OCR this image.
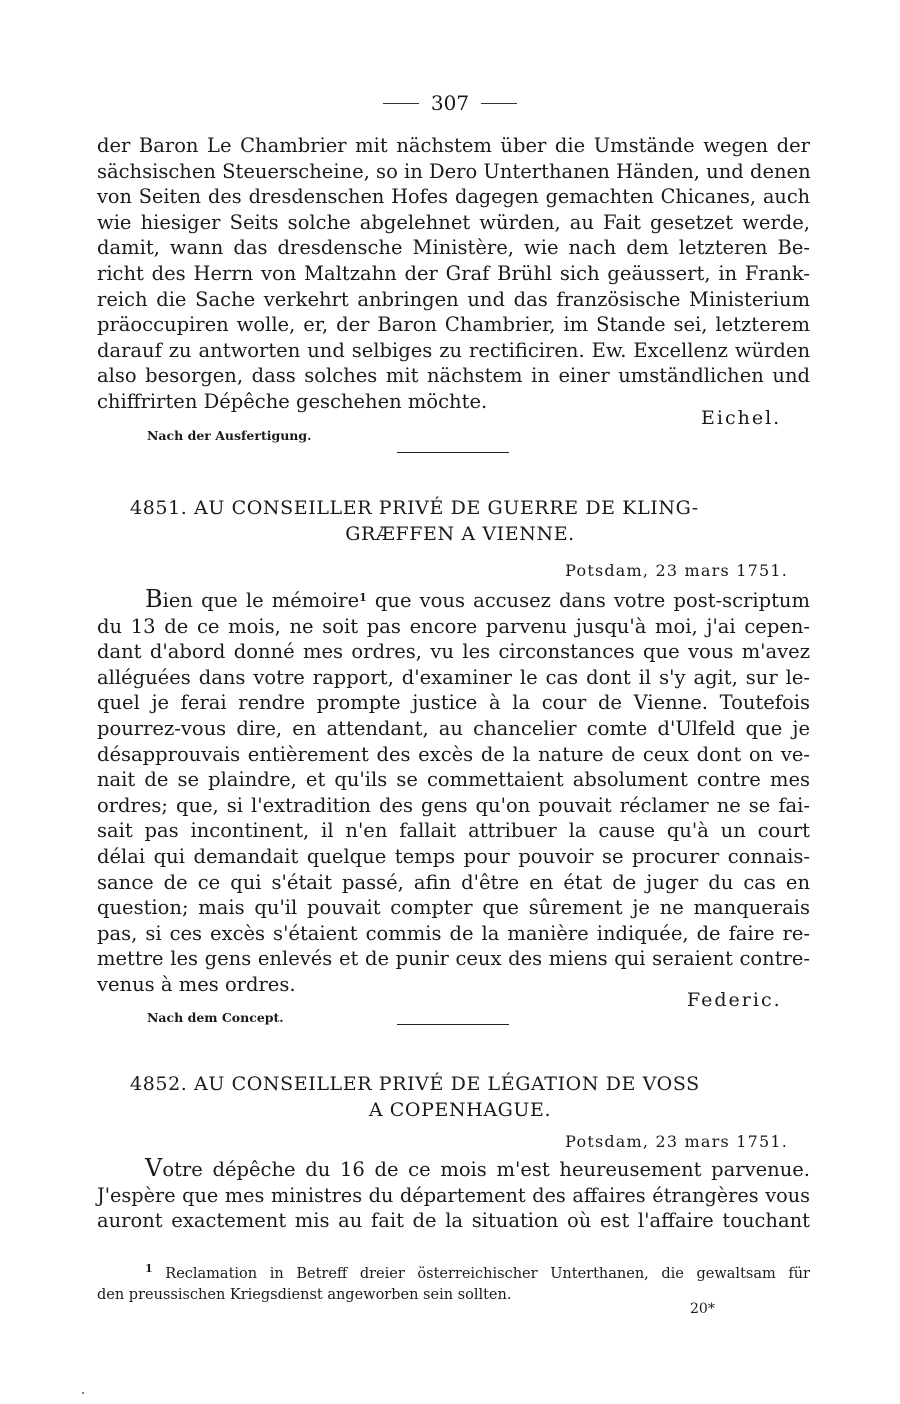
307

der Baron Le Chambrier mit nächstem über die Umstände wegen der
sächsischen Steuerscheine, so in Dero Unterthanen Händen, und denen
von Seiten des dresdenschen Hofes dagegen gemachten Chicanes, auch
wie hiesiger Seits solche abgelehnet würden, au Fait gesetzet werde,
damit, wann das dresdensche Ministère, wie nach dem letzteren Be-
richt des Herrn von Maltzahn der Graf Brühl sich geäussert, in Frank-
reich die Sache verkehrt anbringen und das französische Ministerium
präoccupiren wolle, er, der Baron Chambrier, im Stande sei, letzterem
darauf zu antworten und selbiges zu rectificiren. Ew. Excellenz würden
also besorgen, dass solches mit nächstem in einer umständlichen und
chiffrirten Dépêche geschehen möchte.

Eichel.
Nach der Ausfertigung.
4851. AU CONSEILLER PRIVÉ DE GUERRE DE KLING-
GRÆFFEN A VIENNE.
Potsdam, 23 mars 1751.

Bien que le mémoire$^1$ que vous accusez dans votre post-scriptum
du 13 de ce mois, ne soit pas encore parvenu jusqu'à moi, j'ai cepen-
dant d'abord donné mes ordres, vu les circonstances que vous m'avez
alléguées dans votre rapport, d'examiner le cas dont il s'y agit, sur le-
quel je ferai rendre prompte justice à la cour de Vienne. Toutefois
pourrez-vous dire, en attendant, au chancelier comte d'Ulfeld que je
désapprouvais entièrement des excès de la nature de ceux dont on ve-
nait de se plaindre, et qu'ils se commettaient absolument contre mes
ordres; que, si l'extradition des gens qu'on pouvait réclamer ne se fai-
sait pas incontinent, il n'en fallait attribuer la cause qu'à un court
délai qui demandait quelque temps pour pouvoir se procurer connais-
sance de ce qui s'était passé, afin d'être en état de juger du cas en
question; mais qu'il pouvait compter que sûrement je ne manquerais
pas, si ces excès s'étaient commis de la manière indiquée, de faire re-
mettre les gens enlevés et de punir ceux des miens qui seraient contre-
venus à mes ordres.

Federic.
Nach dem Concept.
4852. AU CONSEILLER PRIVÉ DE LÉGATION DE VOSS
A COPENHAGUE.
Potsdam, 23 mars 1751.

Votre dépêche du 16 de ce mois m'est heureusement parvenue.
J'espère que mes ministres du département des affaires étrangères vous
auront exactement mis au fait de la situation où est l'affaire touchant

$^1$ Reclamation in Betreff dreier österreichischer Unterthanen, die gewaltsam für
den preussischen Kriegsdienst angeworben sein sollten.

20*
